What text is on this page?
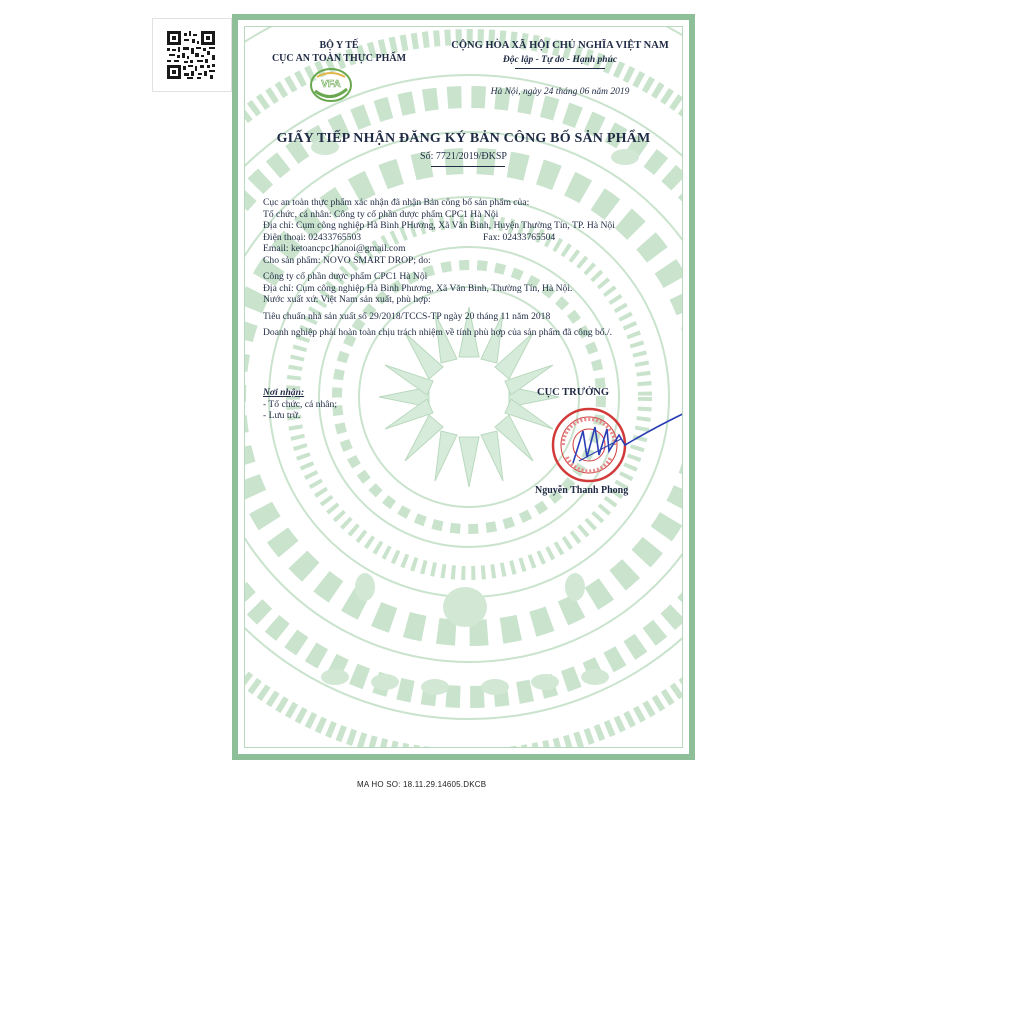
BỘ Y TẾ
CỤC AN TOÀN THỰC PHẨM
VFA
CỘNG HÒA XÃ HỘI CHỦ NGHĨA VIỆT NAM
Độc lập - Tự do - Hạnh phúc
Hà Nội, ngày 24 tháng 06 năm 2019
GIẤY TIẾP NHẬN ĐĂNG KÝ BẢN CÔNG BỐ SẢN PHẨM
Số: 7721/2019/ĐKSP
Cục an toàn thực phẩm xác nhận đã nhận Bản công bố sản phẩm của:
Tổ chức, cá nhân: Công ty cổ phần dược phẩm CPC1 Hà Nội
Địa chỉ: Cụm công nghiệp Hà Bình PHương, Xã Văn Bình, Huyện Thường Tín, TP. Hà Nội
Điện thoại: 02433765503	Fax: 02433765504
Email: ketoancpc1hanoi@gmail.com
Cho sản phẩm: NOVO SMART DROP; do:
Công ty cổ phần dược phẩm CPC1 Hà Nội
Địa chỉ: Cụm công nghiệp Hà Bình Phương, Xã Văn Bình, Thường Tín, Hà Nội.
Nước xuất xứ: Việt Nam sản xuất, phù hợp:
Tiêu chuẩn nhà sản xuất số 29/2018/TCCS-TP ngày 20 tháng 11 năm 2018
Doanh nghiệp phải hoàn toàn chịu trách nhiệm về tính phù hợp của sản phẩm đã công bố./.
Nơi nhận:
- Tổ chức, cá nhân;
- Lưu trữ.
CỤC TRƯỞNG
Nguyễn Thanh Phong
MA HO SO: 18.11.29.14605.DKCB
